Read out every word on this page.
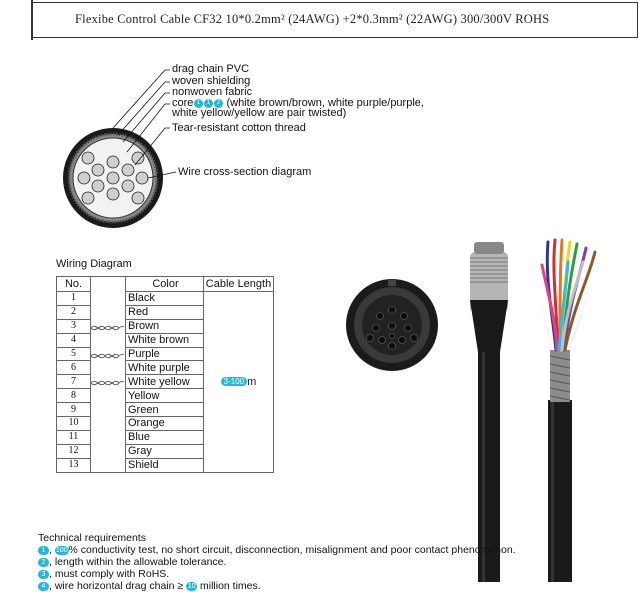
Flexibe Control Cable CF32 10*0.2mm² (24AWG) +2*0.3mm² (22AWG) 300/300V ROHS
drag chain PVC
woven shielding
nonwoven fabric
core 1 1 2 (white brown/brown, white purple/purple,
white yellow/yellow are pair twisted)
Tear-resistant cotton thread
Wire cross-section diagram
Wiring Diagram
No.		Color	Cable Length
1		Black	3-100 m
2		Red	
3		Brown	
4		White brown	
5		Purple	
6		White purple	
7		White yellow	
8		Yellow	
9		Green	
10		Orange	
11		Blue	
12		Gray	
13		Shield	
Technical requirements
1 , 100% conductivity test, no short circuit, disconnection, misalignment and poor contact phenomenon.
2 , length within the allowable tolerance.
3 , must comply with RoHS.
4 , wire horizontal drag chain ≥ 10 million times.
